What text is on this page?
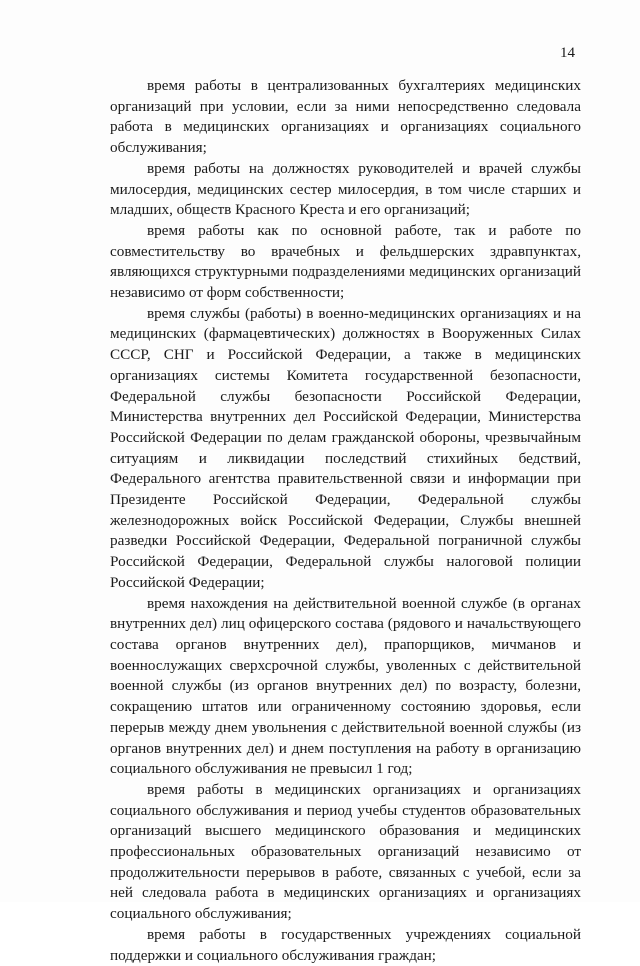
14

время работы в централизованных бухгалтериях медицинских организаций при условии, если за ними непосредственно следовала работа в медицинских организациях и организациях социального обслуживания;

время работы на должностях руководителей и врачей службы милосердия, медицинских сестер милосердия, в том числе старших и младших, обществ Красного Креста и его организаций;

время работы как по основной работе, так и работе по совместительству во врачебных и фельдшерских здравпунктах, являющихся структурными подразделениями медицинских организаций независимо от форм собственности;

время службы (работы) в военно-медицинских организациях и на медицинских (фармацевтических) должностях в Вооруженных Силах СССР, СНГ и Российской Федерации, а также в медицинских организациях системы Комитета государственной безопасности, Федеральной службы безопасности Российской Федерации, Министерства внутренних дел Российской Федерации, Министерства Российской Федерации по делам гражданской обороны, чрезвычайным ситуациям и ликвидации последствий стихийных бедствий, Федерального агентства правительственной связи и информации при Президенте Российской Федерации, Федеральной службы железнодорожных войск Российской Федерации, Службы внешней разведки Российской Федерации, Федеральной пограничной службы Российской Федерации, Федеральной службы налоговой полиции Российской Федерации;

время нахождения на действительной военной службе (в органах внутренних дел) лиц офицерского состава (рядового и начальствующего состава органов внутренних дел), прапорщиков, мичманов и военнослужащих сверхсрочной службы, уволенных с действительной военной службы (из органов внутренних дел) по возрасту, болезни, сокращению штатов или ограниченному состоянию здоровья, если перерыв между днем увольнения с действительной военной службы (из органов внутренних дел) и днем поступления на работу в организацию социального обслуживания не превысил 1 год;

время работы в медицинских организациях и организациях социального обслуживания и период учебы студентов образовательных организаций высшего медицинского образования и медицинских профессиональных образовательных организаций независимо от продолжительности перерывов в работе, связанных с учебой, если за ней следовала работа в медицинских организациях и организациях социального обслуживания;

время работы в государственных учреждениях социальной поддержки и социального обслуживания граждан;
